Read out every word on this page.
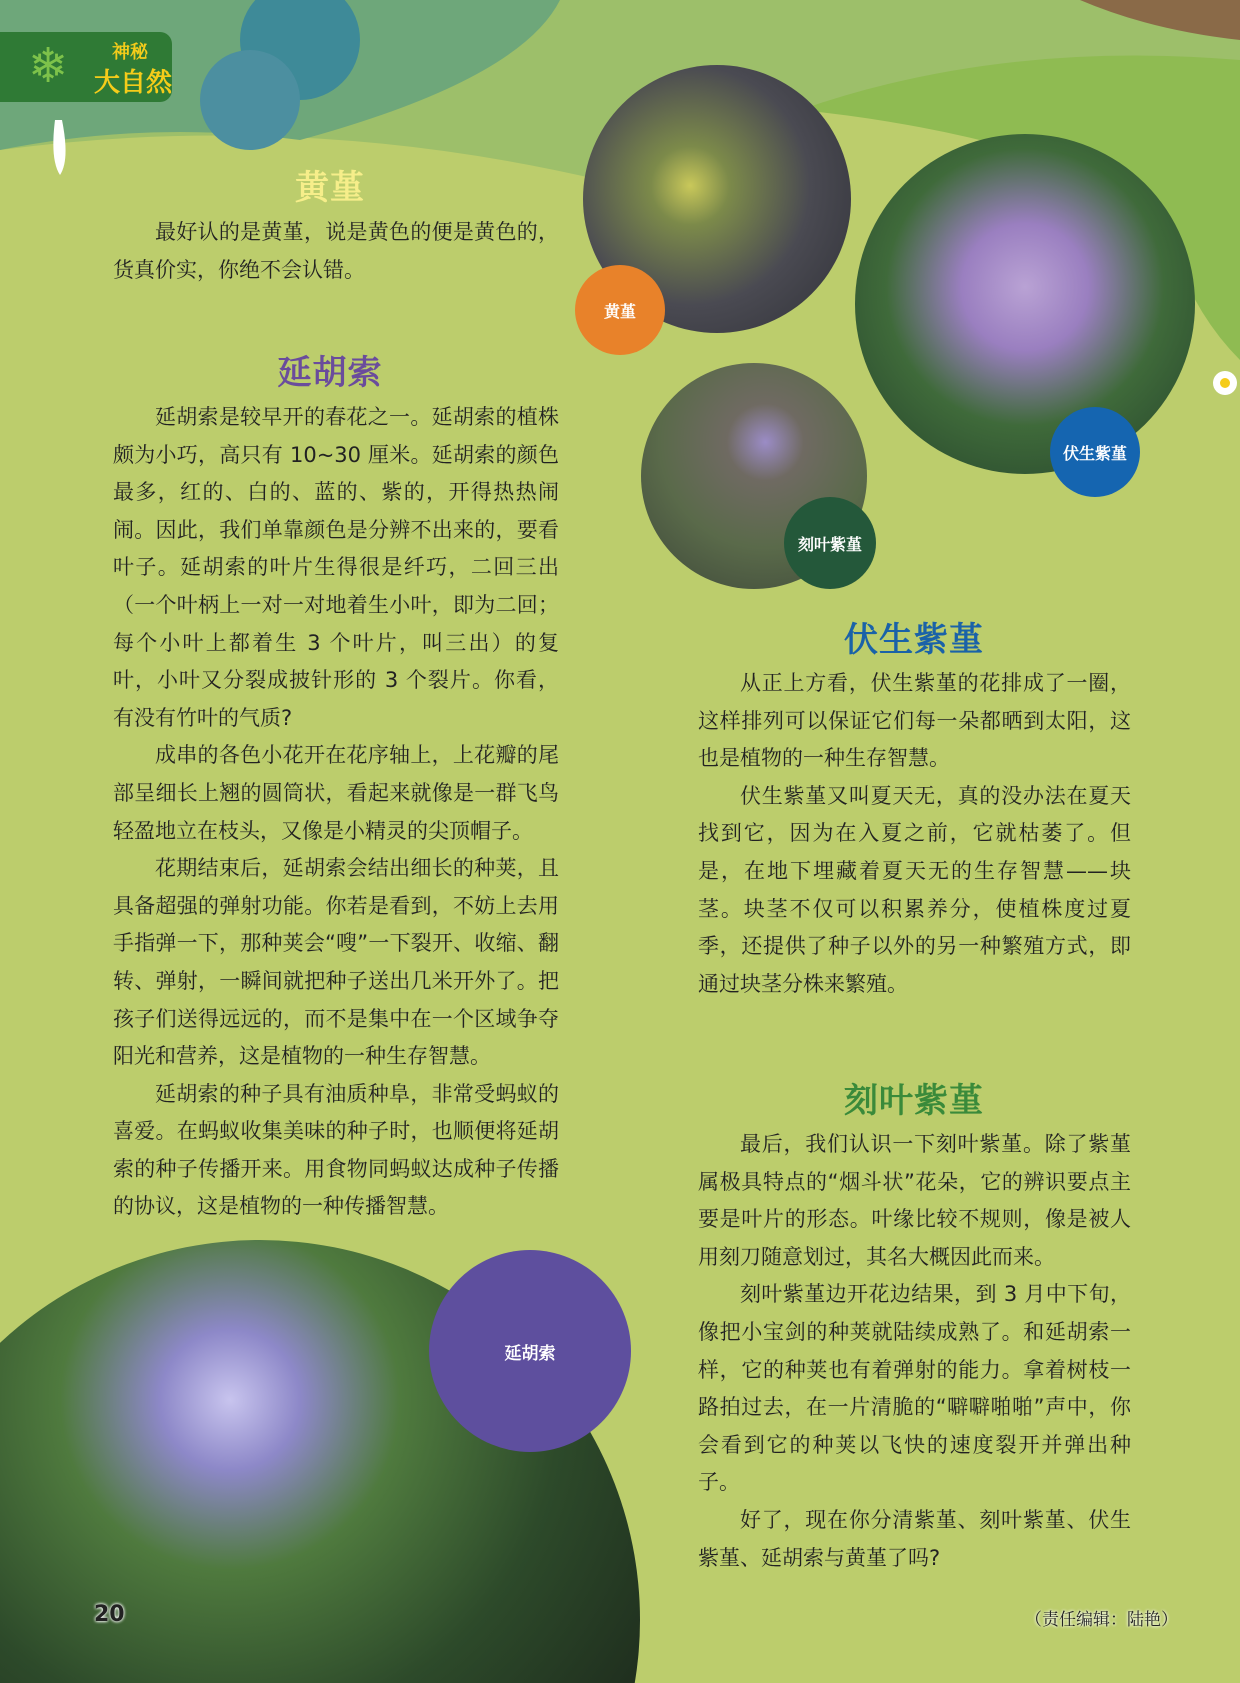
❄ 神秘
大自然
黄堇

最好认的是黄堇，说是黄色的便是黄色的，货真价实，你绝不会认错。

延胡索

延胡索是较早开的春花之一。延胡索的植株颇为小巧，高只有 10~30 厘米。延胡索的颜色最多，红的、白的、蓝的、紫的，开得热热闹闹。因此，我们单靠颜色是分辨不出来的，要看叶子。延胡索的叶片生得很是纤巧，二回三出（一个叶柄上一对一对地着生小叶，即为二回；每个小叶上都着生 3 个叶片，叫三出）的复叶，小叶又分裂成披针形的 3 个裂片。你看，有没有竹叶的气质?

成串的各色小花开在花序轴上，上花瓣的尾部呈细长上翘的圆筒状，看起来就像是一群飞鸟轻盈地立在枝头，又像是小精灵的尖顶帽子。

花期结束后，延胡索会结出细长的种荚，且具备超强的弹射功能。你若是看到，不妨上去用手指弹一下，那种荚会“嗖”一下裂开、收缩、翻转、弹射，一瞬间就把种子送出几米开外了。把孩子们送得远远的，而不是集中在一个区域争夺阳光和营养，这是植物的一种生存智慧。

延胡索的种子具有油质种阜，非常受蚂蚁的喜爱。在蚂蚁收集美味的种子时，也顺便将延胡索的种子传播开来。用食物同蚂蚁达成种子传播的协议，这是植物的一种传播智慧。

伏生紫堇

从正上方看，伏生紫堇的花排成了一圈，这样排列可以保证它们每一朵都晒到太阳，这也是植物的一种生存智慧。

伏生紫堇又叫夏天无，真的没办法在夏天找到它，因为在入夏之前，它就枯萎了。但是，在地下埋藏着夏天无的生存智慧——块茎。块茎不仅可以积累养分，使植株度过夏季，还提供了种子以外的另一种繁殖方式，即通过块茎分株来繁殖。

刻叶紫堇

最后，我们认识一下刻叶紫堇。除了紫堇属极具特点的“烟斗状”花朵，它的辨识要点主要是叶片的形态。叶缘比较不规则，像是被人用刻刀随意划过，其名大概因此而来。

刻叶紫堇边开花边结果，到 3 月中下旬，像把小宝剑的种荚就陆续成熟了。和延胡索一样，它的种荚也有着弹射的能力。拿着树枝一路拍过去，在一片清脆的“噼噼啪啪”声中，你会看到它的种荚以飞快的速度裂开并弹出种子。

好了，现在你分清紫堇、刻叶紫堇、伏生紫堇、延胡索与黄堇了吗?

黄堇
伏生紫堇
刻叶紫堇
延胡索
20	（责任编辑：陆艳）
